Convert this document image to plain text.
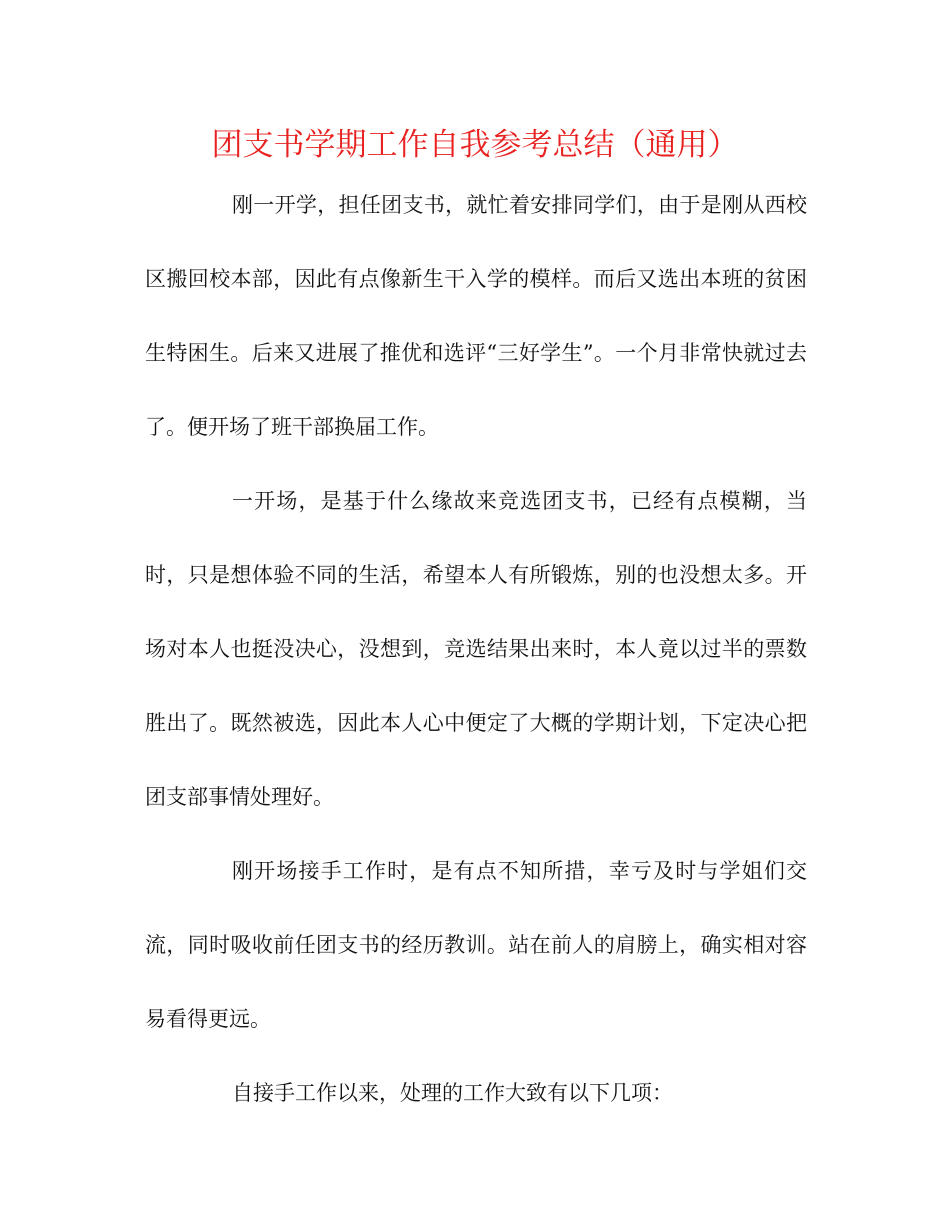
团支书学期工作自我参考总结（通用）

刚一开学，担任团支书，就忙着安排同学们，由于是刚从西校区搬回校本部，因此有点像新生干入学的模样。而后又选出本班的贫困生特困生。后来又进展了推优和选评“三好学生”。一个月非常快就过去了。便开场了班干部换届工作。

一开场，是基于什么缘故来竞选团支书，已经有点模糊，当时，只是想体验不同的生活，希望本人有所锻炼，别的也没想太多。开场对本人也挺没决心，没想到，竞选结果出来时，本人竟以过半的票数胜出了。既然被选，因此本人心中便定了大概的学期计划，下定决心把团支部事情处理好。

刚开场接手工作时，是有点不知所措，幸亏及时与学姐们交流，同时吸收前任团支书的经历教训。站在前人的肩膀上，确实相对容易看得更远。

自接手工作以来，处理的工作大致有以下几项：
